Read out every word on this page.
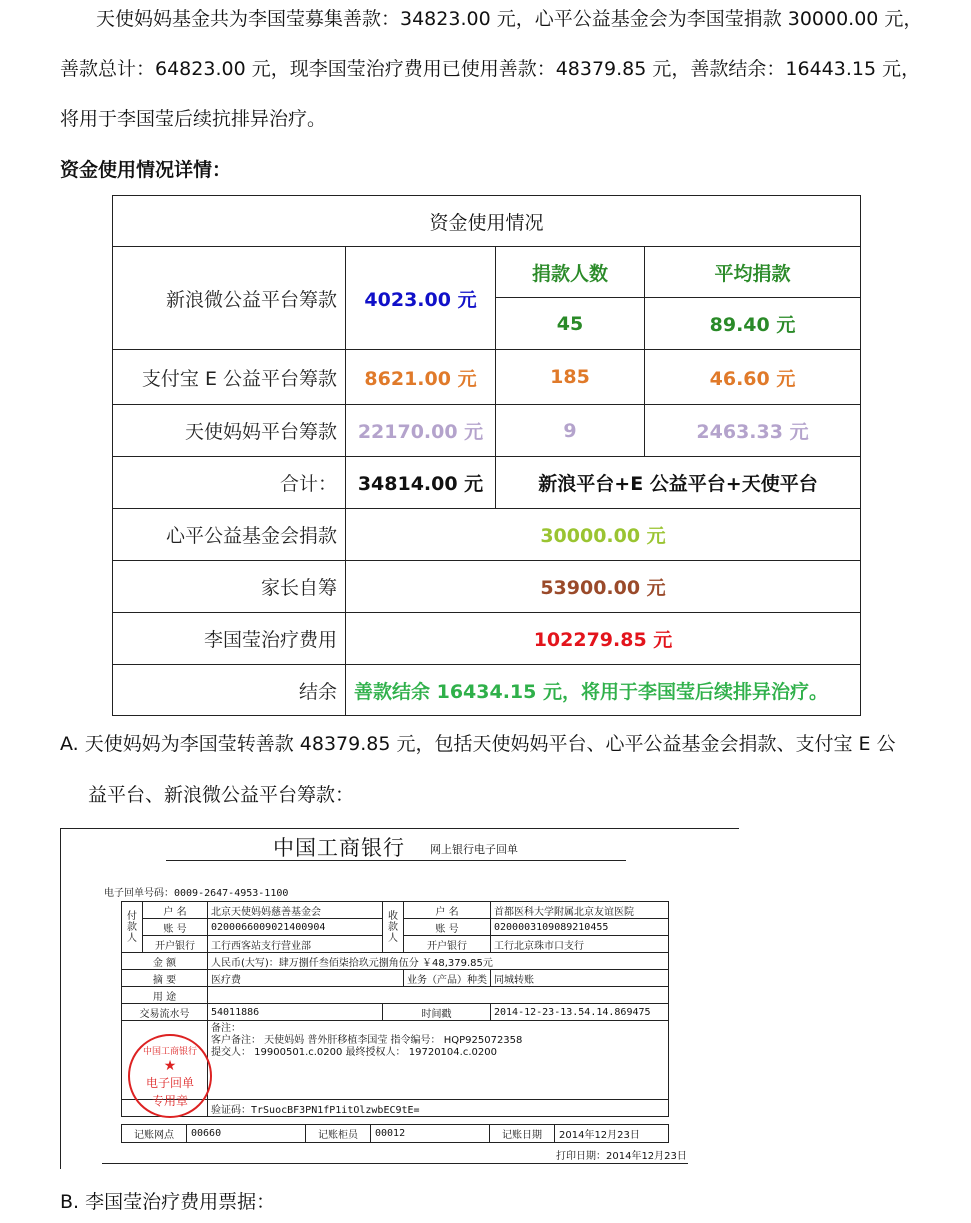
天使妈妈基金共为李国莹募集善款：34823.00 元，心平公益基金会为李国莹捐款 30000.00 元，
善款总计：64823.00 元，现李国莹治疗费用已使用善款：48379.85 元，善款结余：16443.15 元，
将用于李国莹后续抗排异治疗。
资金使用情况详情：
资金使用情况			
新浪微公益平台筹款	4023.00 元	捐款人数	平均捐款
		45	89.40 元
支付宝 E 公益平台筹款	8621.00 元	185	46.60 元
天使妈妈平台筹款	22170.00 元	9	2463.33 元
合计：	34814.00 元	新浪平台+E 公益平台+天使平台	
心平公益基金会捐款	30000.00 元		
家长自筹	53900.00 元		
李国莹治疗费用	102279.85 元		
结余	善款结余 16434.15 元，将用于李国莹后续排异治疗。		
A. 天使妈妈为李国莹转善款 48379.85 元，包括天使妈妈平台、心平公益基金会捐款、支付宝 E 公
益平台、新浪微公益平台筹款：
中国工商银行 网上银行电子回单
电子回单号码：0009-2647-4953-1100
付款人	户 名	北京天使妈妈慈善基金会	收款人	户 名	首都医科大学附属北京友谊医院
	账 号	0200066009021400904		账 号	0200003109089210455
	开户银行	工行西客站支行营业部		开户银行	工行北京珠市口支行
金 额		人民币(大写)：肆万捌仟叁佰柒拾玖元捌角伍分 ￥48,379.85元			
摘 要		医疗费		业务（产品）种类	同城转账
用 途					
交易流水号		54011886	时间戳		2014-12-23-13.54.14.869475

		备注：
客户备注： 天使妈妈 普外肝移植李国莹 指令编号： HQP925072358
提交人： 19900501.c.0200 最终授权人： 19720104.c.0200			

		验证码：TrSuocBF3PN1fP1itOlzwbEC9tE=			
中国工商银行
★
电子回单
专用章
记账网点	00660	记账柜员	00012	记账日期	2014年12月23日
打印日期：2014年12月23日
B. 李国莹治疗费用票据：
